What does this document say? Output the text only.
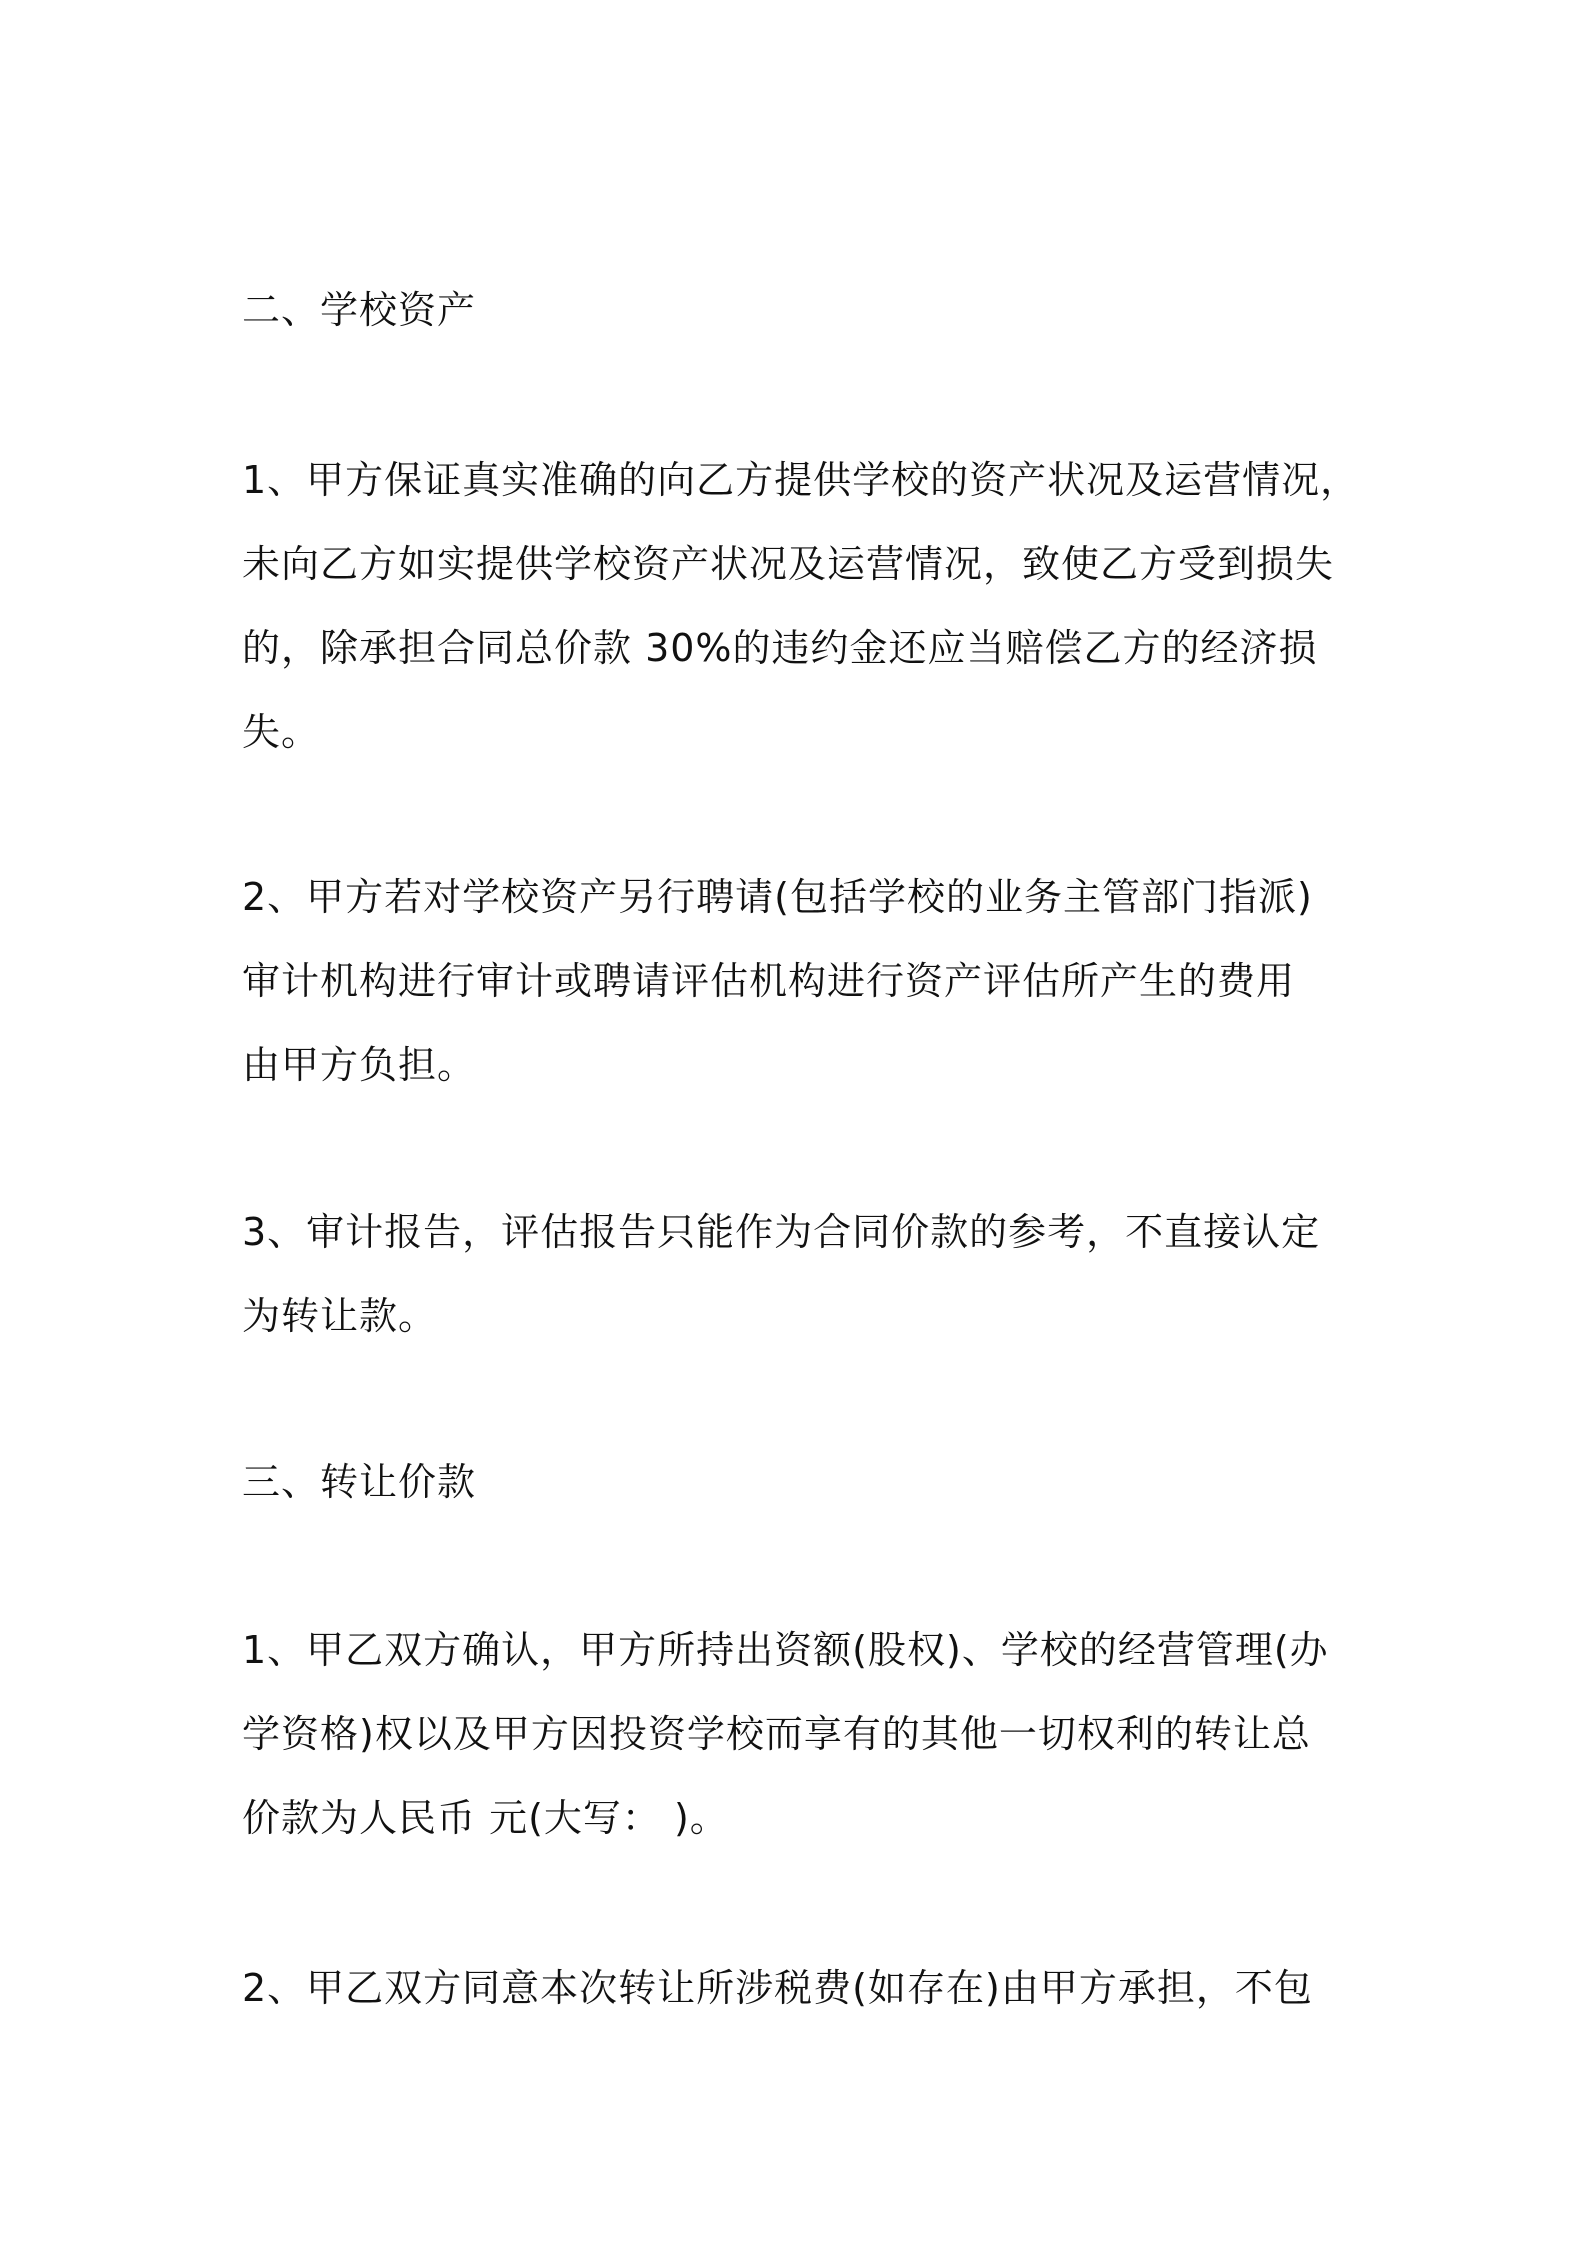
二、学校资产

1、甲方保证真实准确的向乙方提供学校的资产状况及运营情况，
未向乙方如实提供学校资产状况及运营情况，致使乙方受到损失
的，除承担合同总价款 30%的违约金还应当赔偿乙方的经济损
失。

2、甲方若对学校资产另行聘请(包括学校的业务主管部门指派)
审计机构进行审计或聘请评估机构进行资产评估所产生的费用
由甲方负担。

3、审计报告，评估报告只能作为合同价款的参考，不直接认定
为转让款。

三、转让价款

1、甲乙双方确认，甲方所持出资额(股权)、学校的经营管理(办
学资格)权以及甲方因投资学校而享有的其他一切权利的转让总
价款为人民币 元(大写： )。

2、甲乙双方同意本次转让所涉税费(如存在)由甲方承担，不包
